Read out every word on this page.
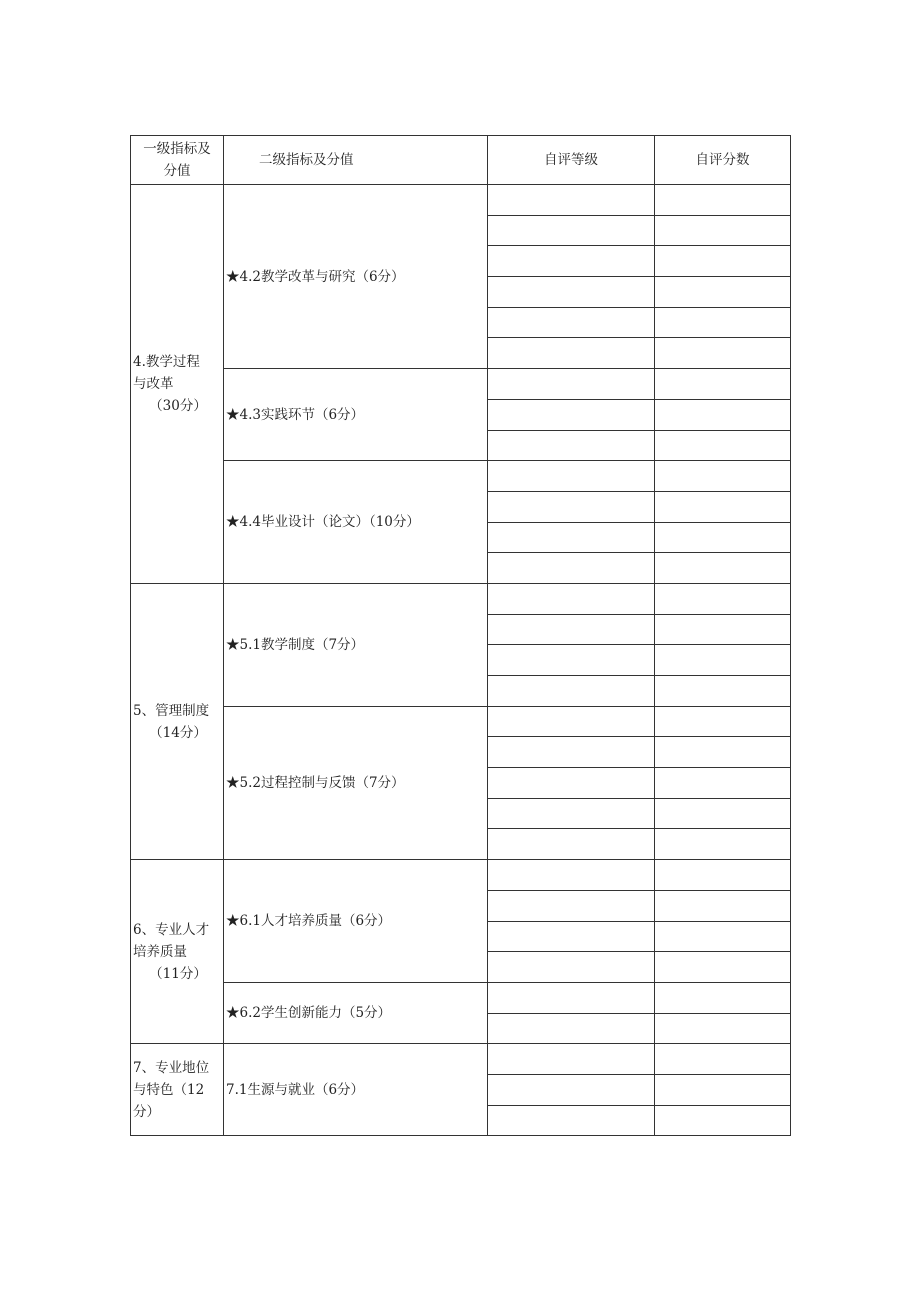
一级指标及
分值	二级指标及分值	自评等级	自评分数

4.教学过程
与改革
（30分）	★4.2教学改革与研究（6分）		

	★4.3实践环节（6分）		

	★4.4毕业设计（论文）（10分）		

5、管理制度
（14分）	★5.1教学制度（7分）		

	★5.2过程控制与反馈（7分）		

6、专业人才
培养质量
（11分）	★6.1人才培养质量（6分）		

	★6.2学生创新能力（5分）		

7、专业地位
与特色（12
分）	7.1生源与就业（6分）		
